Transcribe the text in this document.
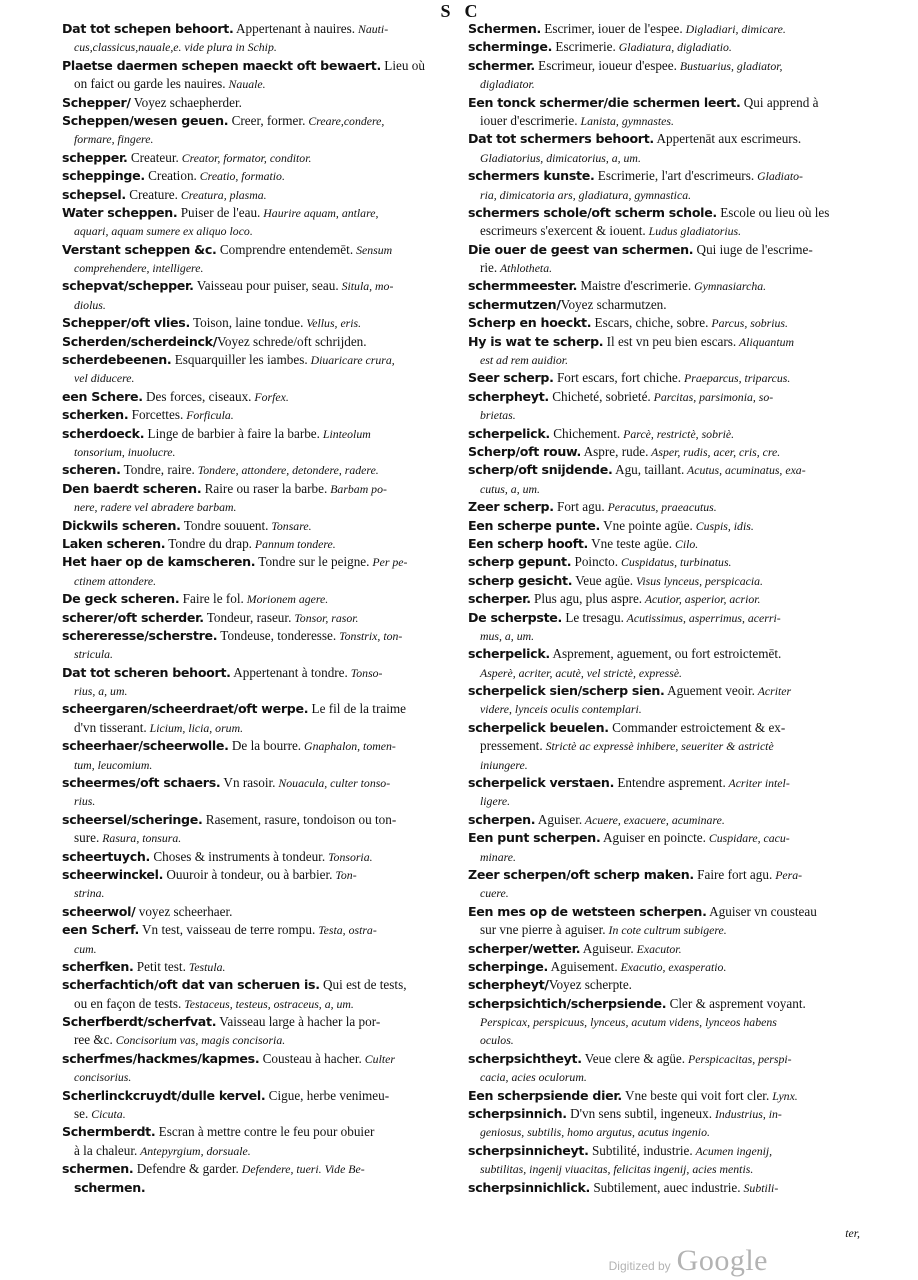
S C
Dat tot schepen behoort. Appertenant à nauires. Nauti-
cus,classicus,nauale,e. vide plura in Schip.
Plaetse daermen schepen maeckt oft bewaert. Lieu où
on faict ou garde les nauires. Nauale.
Schepper/ Voyez schaepherder.
Scheppen/wesen geuen. Creer, former. Creare,condere,
formare, fingere.
schepper. Createur. Creator, formator, conditor.
scheppinge. Creation. Creatio, formatio.
schepsel. Creature. Creatura, plasma.
Water scheppen. Puiser de l'eau. Haurire aquam, antlare,
aquari, aquam sumere ex aliquo loco.
Verstant scheppen &c. Comprendre entendemēt. Sensum
comprehendere, intelligere.
schepvat/schepper. Vaisseau pour puiser, seau. Situla, mo-
diolus.
Schepper/oft vlies. Toison, laine tondue. Vellus, eris.
Scherden/scherdeinck/Voyez schrede/oft schrijden.
scherdebeenen. Esquarquiller les iambes. Diuaricare crura,
vel diducere.
een Schere. Des forces, ciseaux. Forfex.
scherken. Forcettes. Forficula.
scherdoeck. Linge de barbier à faire la barbe. Linteolum
tonsorium, inuolucre.
scheren. Tondre, raire. Tondere, attondere, detondere, radere.
Den baerdt scheren. Raire ou raser la barbe. Barbam po-
nere, radere vel abradere barbam.
Dickwils scheren. Tondre souuent. Tonsare.
Laken scheren. Tondre du drap. Pannum tondere.
Het haer op de kamscheren. Tondre sur le peigne. Per pe-
ctinem attondere.
De geck scheren. Faire le fol. Morionem agere.
scherer/oft scherder. Tondeur, raseur. Tonsor, rasor.
schereresse/scherstre. Tondeuse, tonderesse. Tonstrix, ton-
stricula.
Dat tot scheren behoort. Appertenant à tondre. Tonso-
rius, a, um.
scheergaren/scheerdraet/oft werpe. Le fil de la traime
d'vn tisserant. Licium, licia, orum.
scheerhaer/scheerwolle. De la bourre. Gnaphalon, tomen-
tum, leucomium.
scheermes/oft schaers. Vn rasoir. Nouacula, culter tonso-
rius.
scheersel/scheringe. Rasement, rasure, tondoison ou ton-
sure. Rasura, tonsura.
scheertuych. Choses & instruments à tondeur. Tonsoria.
scheerwinckel. Ouuroir à tondeur, ou à barbier. Ton-
strina.
scheerwol/ voyez scheerhaer.
een Scherf. Vn test, vaisseau de terre rompu. Testa, ostra-
cum.
scherfken. Petit test. Testula.
scherfachtich/oft dat van scheruen is. Qui est de tests,
ou en façon de tests. Testaceus, testeus, ostraceus, a, um.
Scherfberdt/scherfvat. Vaisseau large à hacher la por-
ree &c. Concisorium vas, magis concisoria.
scherfmes/hackmes/kapmes. Cousteau à hacher. Culter
concisorius.
Scherlinckcruydt/dulle kervel. Cigue, herbe venimeu-
se. Cicuta.
Schermberdt. Escran à mettre contre le feu pour obuier
à la chaleur. Antepyrgium, dorsuale.
schermen. Defendre & garder. Defendere, tueri. Vide Be-
schermen.
Schermen. Escrimer, iouer de l'espee. Digladiari, dimicare.
schermingе. Escrimerie. Gladiatura, digladiatio.
schermer. Escrimeur, ioueur d'espee. Bustuarius, gladiator,
digladiator.
Een tonck schermer/die schermen leert. Qui apprend à
iouer d'escrimerie. Lanista, gymnastes.
Dat tot schermers behoort. Appertenāt aux escrimeurs.
Gladiatorius, dimicatorius, a, um.
schermers kunste. Escrimerie, l'art d'escrimeurs. Gladiato-
ria, dimicatoria ars, gladiatura, gymnastica.
schermers schole/oft scherm schole. Escole ou lieu où les
escrimeurs s'exercent & iouent. Ludus gladiatorius.
Die ouer de geest van schermen. Qui iuge de l'escrime-
rie. Athlotheta.
schermmeester. Maistre d'escrimerie. Gymnasiarcha.
schermutzen/Voyez scharmutzen.
Scherp en hoeckt. Escars, chiche, sobre. Parcus, sobrius.
Hy is wat te scherp. Il est vn peu bien escars. Aliquantum
est ad rem auidior.
Seer scherp. Fort escars, fort chiche. Praeparcus, triparcus.
scherpheyt. Chicheté, sobrieté. Parcitas, parsimonia, so-
brietas.
scherpelick. Chichement. Parcè, restrictè, sobriè.
Scherp/oft rouw. Aspre, rude. Asper, rudis, acer, cris, cre.
scherp/oft snijdende. Agu, taillant. Acutus, acuminatus, exa-
cutus, a, um.
Zeer scherp. Fort agu. Peracutus, praeacutus.
Een scherpe punte. Vne pointe agüe. Cuspis, idis.
Een scherp hooft. Vne teste agüe. Cilo.
scherp gepunt. Poincto. Cuspidatus, turbinatus.
scherp gesicht. Veue agüe. Visus lynceus, perspicacia.
scherper. Plus agu, plus aspre. Acutior, asperior, acrior.
De scherpste. Le tresagu. Acutissimus, asperrimus, acerri-
mus, a, um.
scherpelick. Asprement, aguement, ou fort estroictemēt.
Asperè, acriter, acutè, vel strictè, expressè.
scherpelick sien/scherp sien. Aguement veoir. Acriter
videre, lynceis oculis contemplari.
scherpelick beuelen. Commander estroictement & ex-
pressement. Strictè ac expressè inhibere, seueriter & astrictè
iniungere.
scherpelick verstaen. Entendre asprement. Acriter intel-
ligere.
scherpen. Aguiser. Acuere, exacuere, acuminare.
Een punt scherpen. Aguiser en poincte. Cuspidare, cacu-
minare.
Zeer scherpen/oft scherp maken. Faire fort agu. Pera-
cuere.
Een mes op de wetsteen scherpen. Aguiser vn cousteau
sur vne pierre à aguiser. In cote cultrum subigere.
scherper/wetter. Aguiseur. Exacutor.
scherpinge. Aguisement. Exacutio, exasperatio.
scherpheyt/Voyez scherpte.
scherpsichtich/scherpsiende. Cler & asprement voyant.
Perspicax, perspicuus, lynceus, acutum videns, lynceos habens
oculos.
scherpsichtheyt. Veue clere & agüe. Perspicacitas, perspi-
cacia, acies oculorum.
Een scherpsiende dier. Vne beste qui voit fort cler. Lynx.
scherpsinnich. D'vn sens subtil, ingeneux. Industrius, in-
geniosus, subtilis, homo argutus, acutus ingenio.
scherpsinnicheyt. Subtilité, industrie. Acumen ingenij,
subtilitas, ingenij viuacitas, felicitas ingenij, acies mentis.
scherpsinnichlick. Subtilement, auec industrie. Subtili-
ter,
Digitized by Google
